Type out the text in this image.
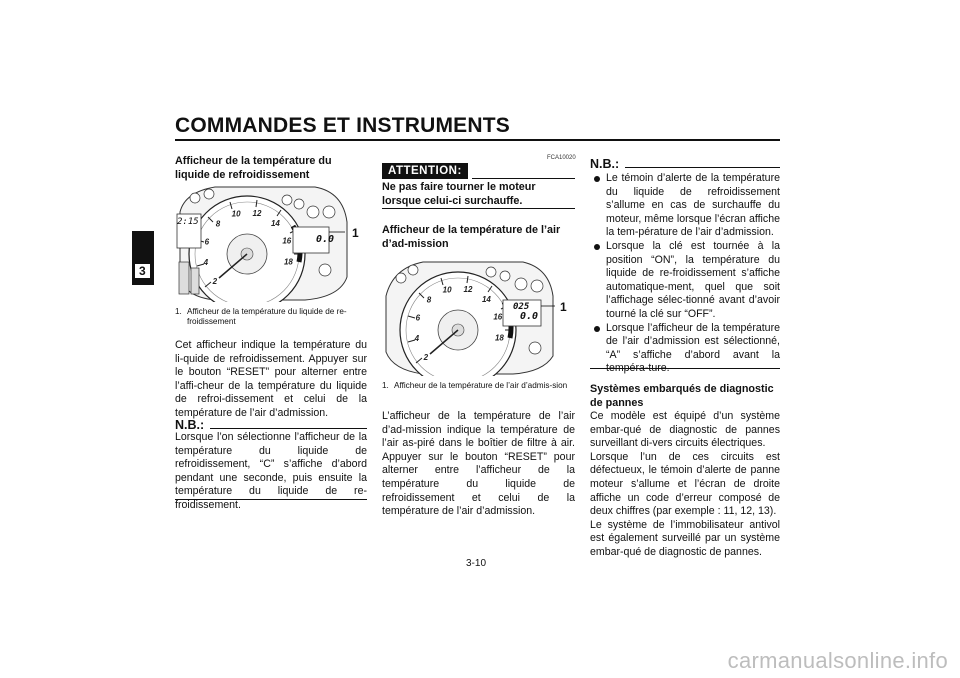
COMMANDES ET INSTRUMENTS
3
Afficheur de la température du liquide de refroidissement
2
4
6
8
10 12
14
16
18
1
2:15
0.0
1. Afficheur de la température du liquide de re-froidissement
Cet afficheur indique la température du li-quide de refroidissement. Appuyer sur le bouton “RESET” pour alterner entre l’affi-cheur de la température du liquide de refroi-dissement et celui de la température de l’air d’admission.
N.B.:
Lorsque l’on sélectionne l’afficheur de la température du liquide de refroidissement, “C” s’affiche d’abord pendant une seconde, puis ensuite la température du liquide de re-froidissement.
FCA10020
ATTENTION:
Ne pas faire tourner le moteur lorsque celui-ci surchauffe.
Afficheur de la température de l’air d’ad-mission
2
4
6
8
10 12
14
16
18
1
025
0.0
1. Afficheur de la température de l’air d’admis-sion
L’afficheur de la température de l’air d’ad-mission indique la température de l’air as-piré dans le boîtier de filtre à air. Appuyer sur le bouton “RESET” pour alterner entre l’afficheur de la température du liquide de refroidissement et celui de la température de l’air d’admission.
N.B.:
Le témoin d’alerte de la température du liquide de refroidissement s’allume en cas de surchauffe du moteur, même lorsque l’écran affiche la tem-pérature de l’air d’admission.
Lorsque la clé est tournée à la position “ON”, la température du liquide de re-froidissement s’affiche automatique-ment, quel que soit l’affichage sélec-tionné avant d’avoir tourné la clé sur “OFF”.
Lorsque l’afficheur de la température de l’air d’admission est sélectionné, “A” s’affiche d’abord avant la tempéra-ture.
Systèmes embarqués de diagnostic de pannes
Ce modèle est équipé d’un système embar-qué de diagnostic de pannes surveillant di-vers circuits électriques.
Lorsque l’un de ces circuits est défectueux, le témoin d’alerte de panne moteur s’allume et l’écran de droite affiche un code d’erreur composé de deux chiffres (par exemple : 11, 12, 13).
Le système de l’immobilisateur antivol est également surveillé par un système embar-qué de diagnostic de pannes.
3-10
carmanualsonline.info
